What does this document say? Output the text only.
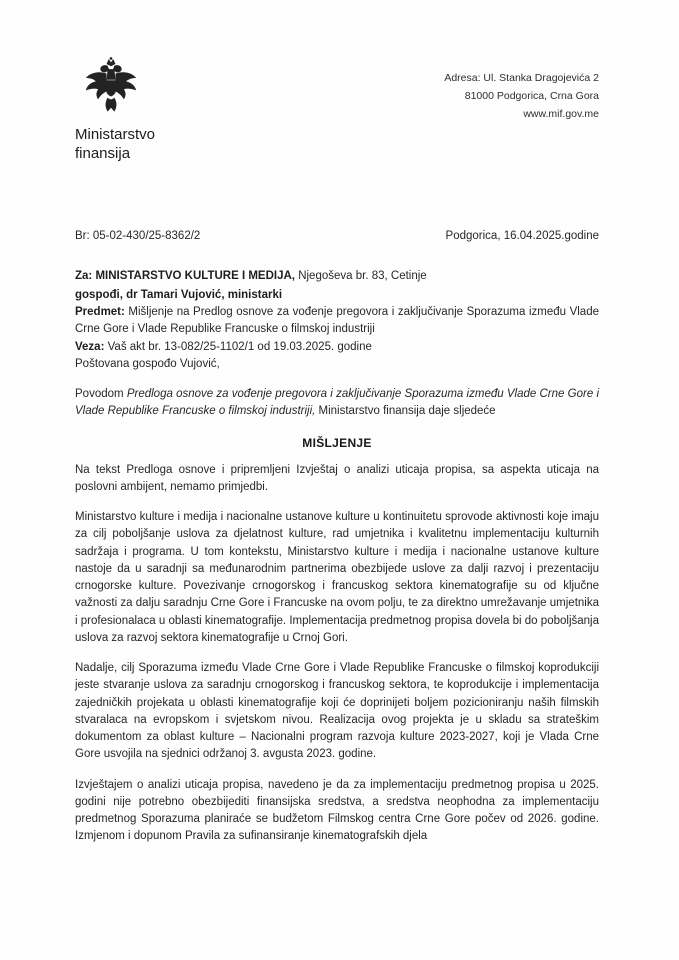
Ministarstvo finansija
Adresa: Ul. Stanka Dragojevića 2
81000 Podgorica, Crna Gora
www.mif.gov.me
Br: 05-02-430/25-8362/2	Podgorica, 16.04.2025.godine

Za: MINISTARSTVO KULTURE I MEDIJA, Njegoševa br. 83, Cetinje

gospođi, dr Tamari Vujović, ministarki

Predmet: Mišljenje na Predlog osnove za vođenje pregovora i zaključivanje Sporazuma između Vlade Crne Gore i Vlade Republike Francuske o filmskoj industriji

Veza: Vaš akt br. 13-082/25-1102/1 od 19.03.2025. godine

Poštovana gospođo Vujović,

Povodom Predloga osnove za vođenje pregovora i zaključivanje Sporazuma između Vlade Crne Gore i Vlade Republike Francuske o filmskoj industriji, Ministarstvo finansija daje sljedeće

MIŠLJENJE

Na tekst Predloga osnove i pripremljeni Izvještaj o analizi uticaja propisa, sa aspekta uticaja na poslovni ambijent, nemamo primjedbi.

Ministarstvo kulture i medija i nacionalne ustanove kulture u kontinuitetu sprovode aktivnosti koje imaju za cilj poboljšanje uslova za djelatnost kulture, rad umjetnika i kvalitetnu implementaciju kulturnih sadržaja i programa. U tom kontekstu, Ministarstvo kulture i medija i nacionalne ustanove kulture nastoje da u saradnji sa međunarodnim partnerima obezbijede uslove za dalji razvoj i prezentaciju crnogorske kulture. Povezivanje crnogorskog i francuskog sektora kinematografije su od ključne važnosti za dalju saradnju Crne Gore i Francuske na ovom polju, te za direktno umrežavanje umjetnika i profesionalaca u oblasti kinematografije. Implementacija predmetnog propisa dovela bi do poboljšanja uslova za razvoj sektora kinematografije u Crnoj Gori.

Nadalje, cilj Sporazuma između Vlade Crne Gore i Vlade Republike Francuske o filmskoj koprodukciji jeste stvaranje uslova za saradnju crnogorskog i francuskog sektora, te koprodukcije i implementacija zajedničkih projekata u oblasti kinematografije koji će doprinijeti boljem pozicioniranju naših filmskih stvaralaca na evropskom i svjetskom nivou. Realizacija ovog projekta je u skladu sa strateškim dokumentom za oblast kulture – Nacionalni program razvoja kulture 2023-2027, koji je Vlada Crne Gore usvojila na sjednici održanoj 3. avgusta 2023. godine.

Izvještajem o analizi uticaja propisa, navedeno je da za implementaciju predmetnog propisa u 2025. godini nije potrebno obezbijediti finansijska sredstva, a sredstva neophodna za implementaciju predmetnog Sporazuma planiraće se budžetom Filmskog centra Crne Gore počev od 2026. godine. Izmjenom i dopunom Pravila za sufinansiranje kinematografskih djela
